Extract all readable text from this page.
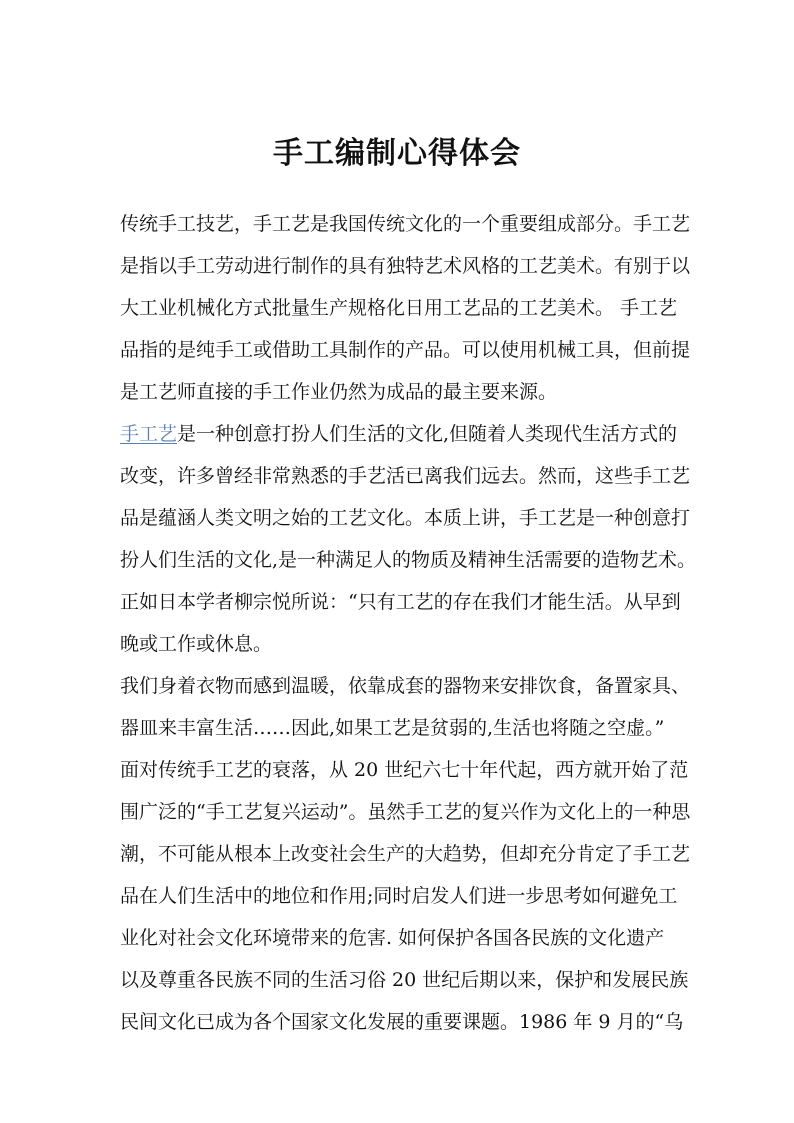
手工编制心得体会
传统手工技艺，手工艺是我国传统文化的一个重要组成部分。手工艺
是指以手工劳动进行制作的具有独特艺术风格的工艺美术。有别于以
大工业机械化方式批量生产规格化日用工艺品的工艺美术。 手工艺
品指的是纯手工或借助工具制作的产品。可以使用机械工具，但前提
是工艺师直接的手工作业仍然为成品的最主要来源。
手工艺是一种创意打扮人们生活的文化,但随着人类现代生活方式的
改变，许多曾经非常熟悉的手艺活已离我们远去。然而，这些手工艺
品是蕴涵人类文明之始的工艺文化。本质上讲，手工艺是一种创意打
扮人们生活的文化,是一种满足人的物质及精神生活需要的造物艺术。
正如日本学者柳宗悦所说：“只有工艺的存在我们才能生活。从早到
晚或工作或休息。
我们身着衣物而感到温暖，依靠成套的器物来安排饮食，备置家具、
器皿来丰富生活……因此,如果工艺是贫弱的,生活也将随之空虚。”
面对传统手工艺的衰落，从 20 世纪六七十年代起，西方就开始了范
围广泛的“手工艺复兴运动”。虽然手工艺的复兴作为文化上的一种思
潮，不可能从根本上改变社会生产的大趋势，但却充分肯定了手工艺
品在人们生活中的地位和作用;同时启发人们进一步思考如何避免工
业化对社会文化环境带来的危害. 如何保护各国各民族的文化遗产
以及尊重各民族不同的生活习俗 20 世纪后期以来，保护和发展民族
民间文化已成为各个国家文化发展的重要课题。1986 年 9 月的“乌
